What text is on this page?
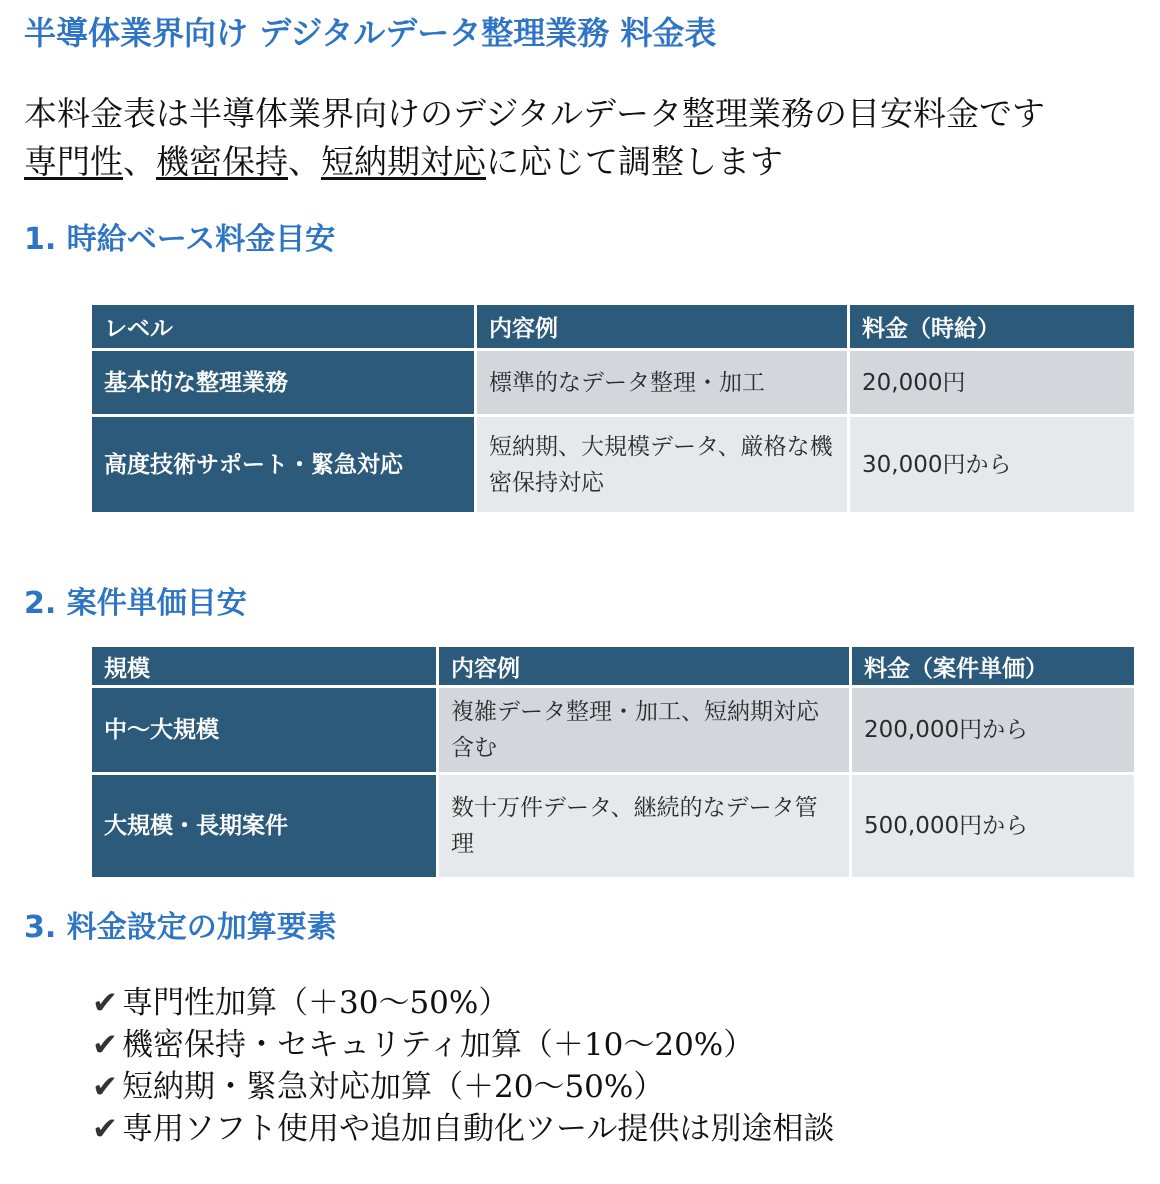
半導体業界向け デジタルデータ整理業務 料金表
本料金表は半導体業界向けのデジタルデータ整理業務の目安料金です
専門性、機密保持、短納期対応に応じて調整します
1. 時給ベース料金目安
レベル	内容例	料金（時給）
基本的な整理業務	標準的なデータ整理・加工	20,000円
高度技術サポート・緊急対応	短納期、大規模データ、厳格な機密保持対応	30,000円から
2. 案件単価目安
規模	内容例	料金（案件単価）
中〜大規模	複雑データ整理・加工、短納期対応含む	200,000円から
大規模・長期案件	数十万件データ、継続的なデータ管理	500,000円から
3. 料金設定の加算要素
✔ 専門性加算（＋30〜50%）
✔ 機密保持・セキュリティ加算（＋10〜20%）
✔ 短納期・緊急対応加算（＋20〜50%）
✔ 専用ソフト使用や追加自動化ツール提供は別途相談
